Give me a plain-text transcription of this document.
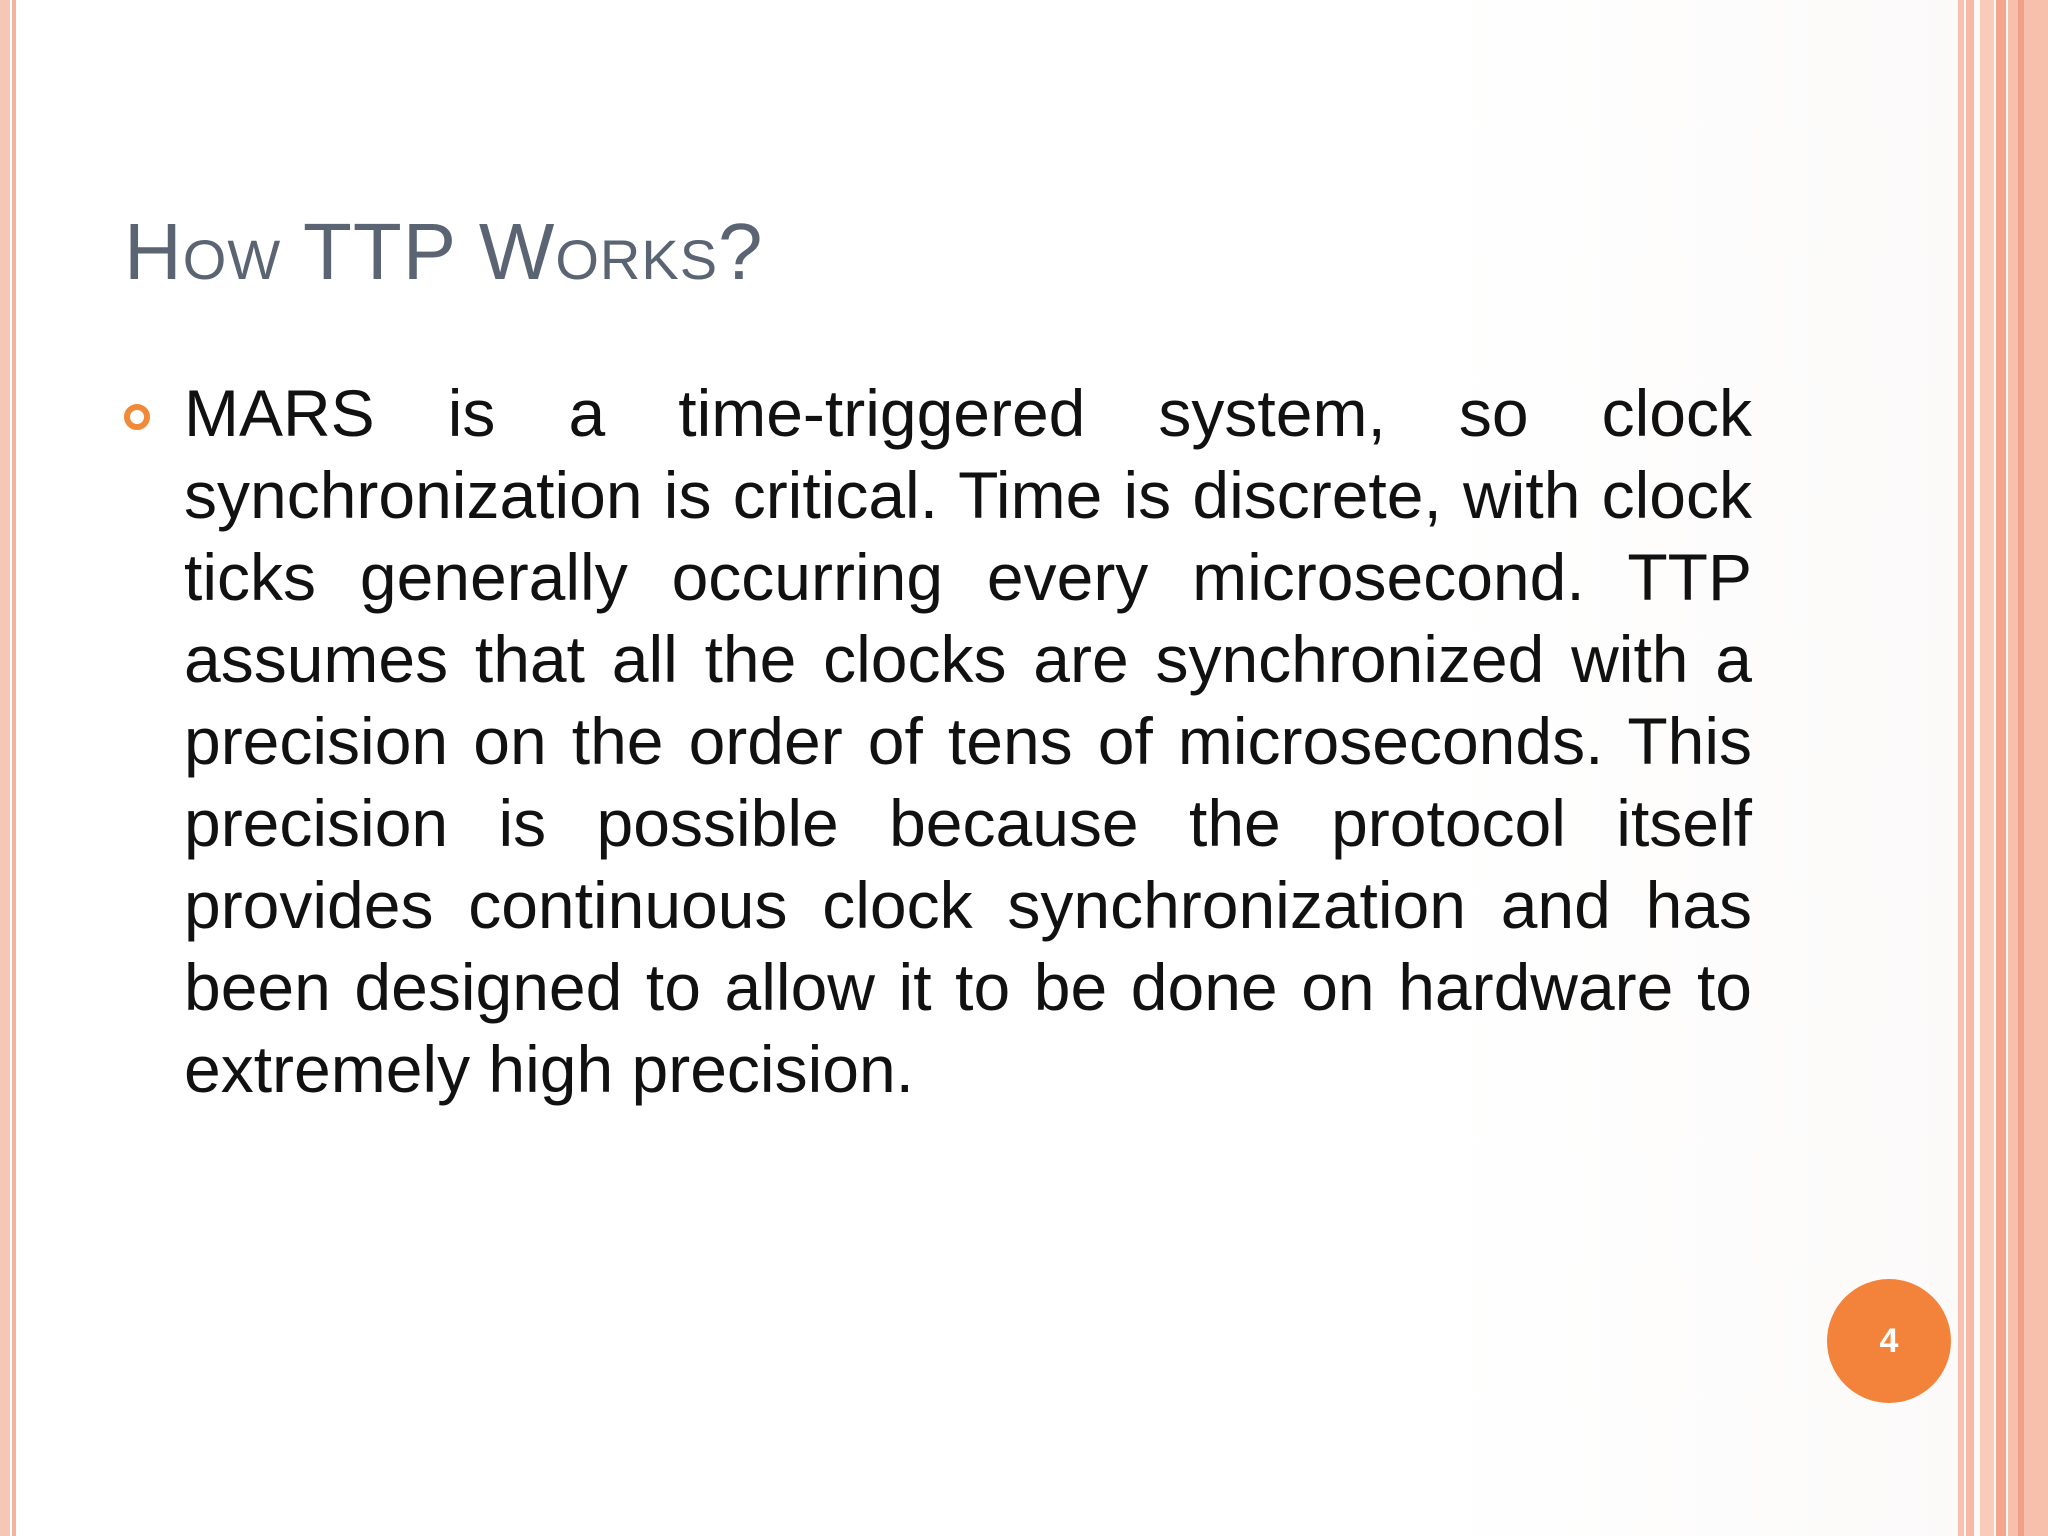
How TTP Works?

MARS is a time-triggered system, so clock synchronization is critical. Time is discrete, with clock ticks generally occurring every microsecond. TTP assumes that all the clocks are synchronized with a precision on the order of tens of microseconds. This precision is possible because the protocol itself provides continuous clock synchronization and has been designed to allow it to be done on hardware to extremely high precision.

4
